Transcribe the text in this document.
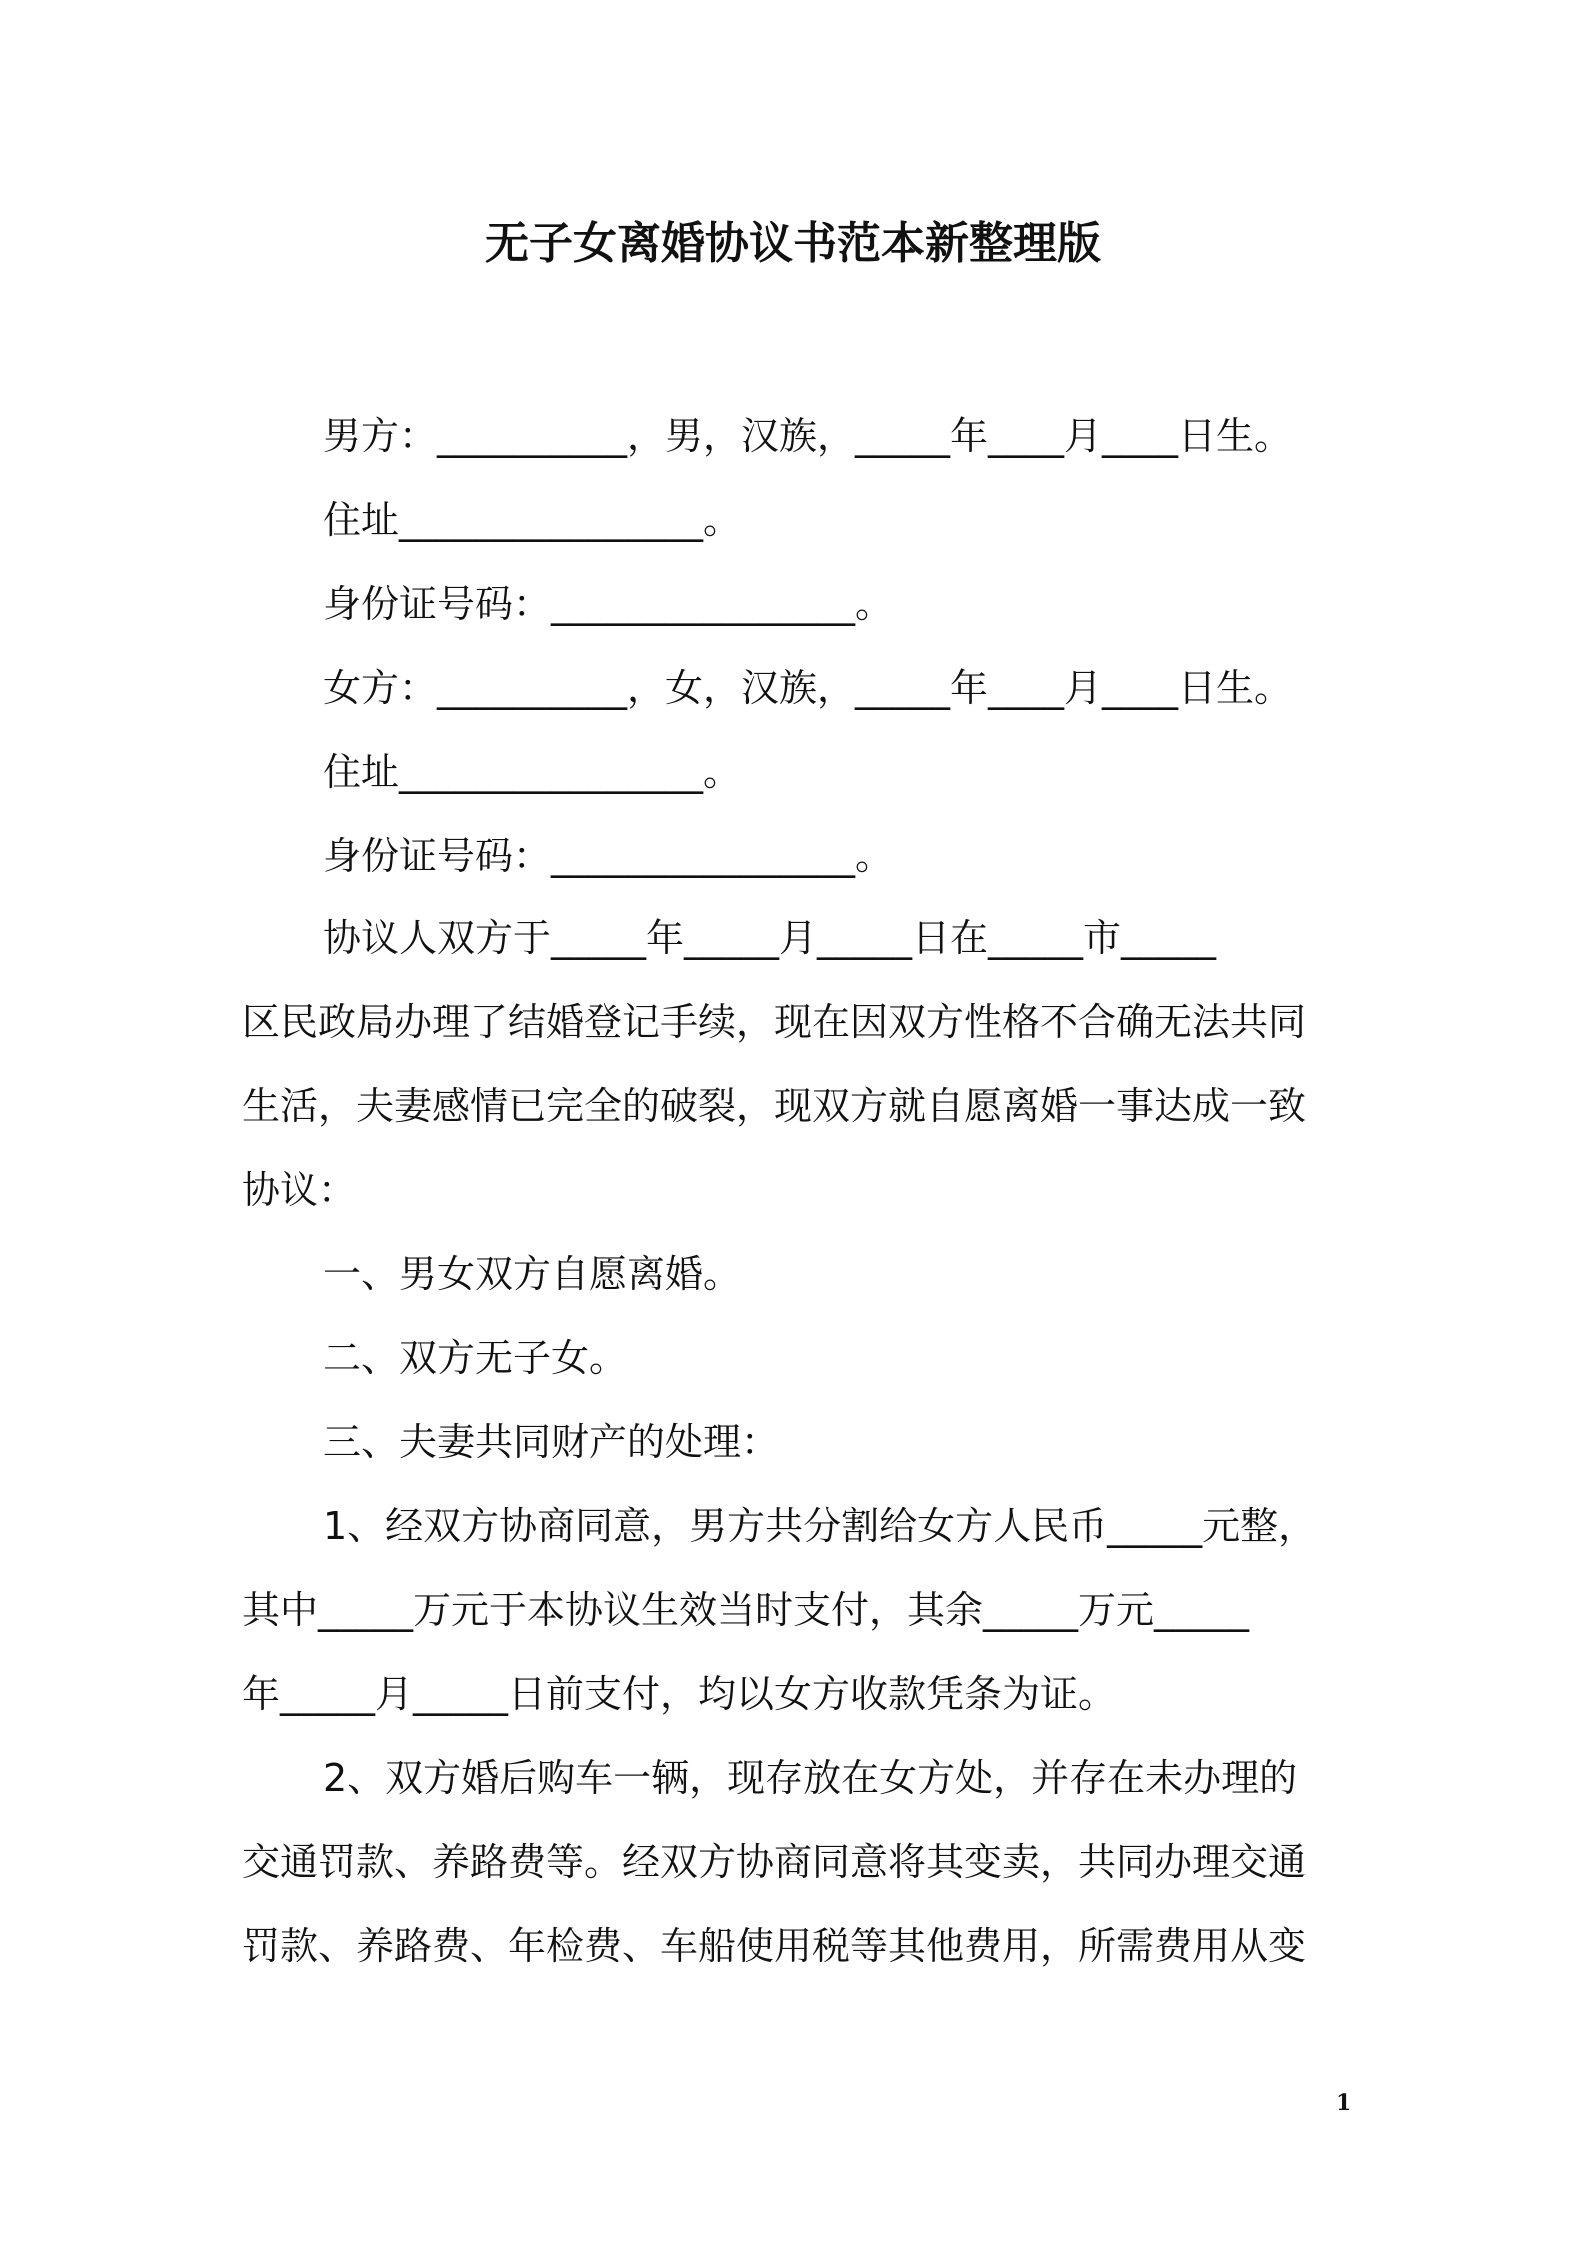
无子女离婚协议书范本新整理版
男方：__________，男，汉族，_____年____月____日生。
住址________________。
身份证号码：________________。
女方：__________，女，汉族，_____年____月____日生。
住址________________。
身份证号码：________________。
协议人双方于_____年_____月_____日在_____市_____
区民政局办理了结婚登记手续，现在因双方性格不合确无法共同
生活，夫妻感情已完全的破裂，现双方就自愿离婚一事达成一致
协议：
一、男女双方自愿离婚。
二、双方无子女。
三、夫妻共同财产的处理：
1、经双方协商同意，男方共分割给女方人民币_____元整，
其中_____万元于本协议生效当时支付，其余_____万元_____
年_____月_____日前支付，均以女方收款凭条为证。
2、双方婚后购车一辆，现存放在女方处，并存在未办理的
交通罚款、养路费等。经双方协商同意将其变卖，共同办理交通
罚款、养路费、年检费、车船使用税等其他费用，所需费用从变
1
